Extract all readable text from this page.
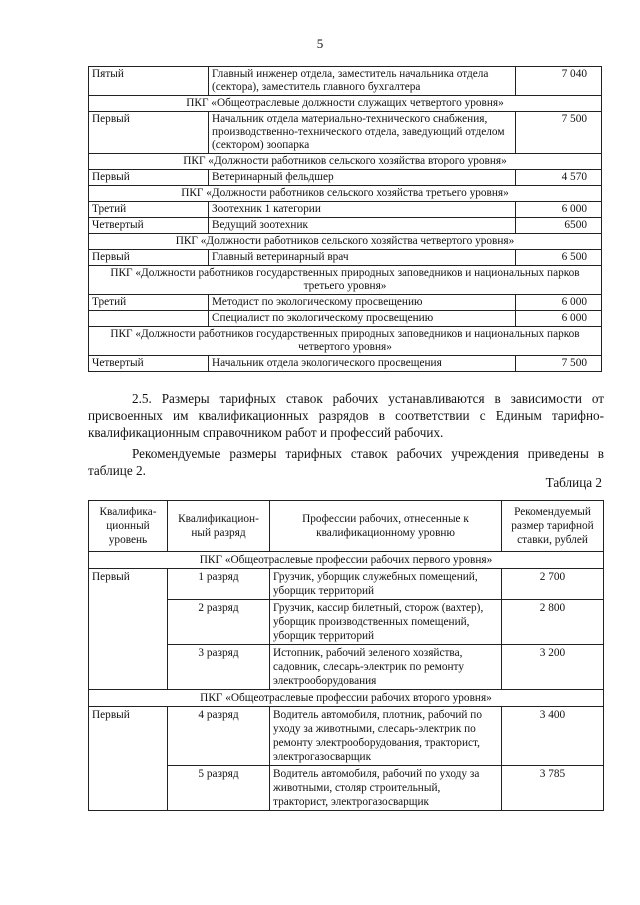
5
Пятый	Главный инженер отдела, заместитель начальника отдела (сектора), заместитель главного бухгалтера	7 040
ПКГ «Общеотраслевые должности служащих четвертого уровня»		
Первый	Начальник отдела материально-технического снабжения, производственно-технического отдела, заведующий отделом (сектором) зоопарка	7 500
ПКГ «Должности работников сельского хозяйства второго уровня»		
Первый	Ветеринарный фельдшер	4 570
ПКГ «Должности работников сельского хозяйства третьего уровня»		
Третий	Зоотехник 1 категории	6 000
Четвертый	Ведущий зоотехник	6500
ПКГ «Должности работников сельского хозяйства четвертого уровня»		
Первый	Главный ветеринарный врач	6 500
ПКГ «Должности работников государственных природных заповедников и национальных парков третьего уровня»		
Третий	Методист по экологическому просвещению	6 000
	Специалист по экологическому просвещению	6 000
ПКГ «Должности работников государственных природных заповедников и национальных парков четвертого уровня»		
Четвертый	Начальник отдела экологического просвещения	7 500

2.5. Размеры тарифных ставок рабочих устанавливаются в зависимости от присвоенных им квалификационных разрядов в соответствии с Единым тарифно-квалификационным справочником работ и профессий рабочих.

Рекомендуемые размеры тарифных ставок рабочих учреждения приведены в таблице 2.

Таблица 2
Квалифика-ционный уровень	Квалификацион-ный разряд	Профессии рабочих, отнесенные к квалификационному уровню	Рекомендуемый размер тарифной ставки, рублей
ПКГ «Общеотраслевые профессии рабочих первого уровня»			
Первый	1 разряд	Грузчик, уборщик служебных помещений, уборщик территорий	2 700
	2 разряд	Грузчик, кассир билетный, сторож (вахтер), уборщик производственных помещений, уборщик территорий	2 800
	3 разряд	Истопник, рабочий зеленого хозяйства, садовник, слесарь-электрик по ремонту электрооборудования	3 200
ПКГ «Общеотраслевые профессии рабочих второго уровня»			
Первый	4 разряд	Водитель автомобиля, плотник, рабочий по уходу за животными, слесарь-электрик по ремонту электрооборудования, тракторист, электрогазосварщик	3 400
	5 разряд	Водитель автомобиля, рабочий по уходу за животными, столяр строительный, тракторист, электрогазосварщик	3 785
